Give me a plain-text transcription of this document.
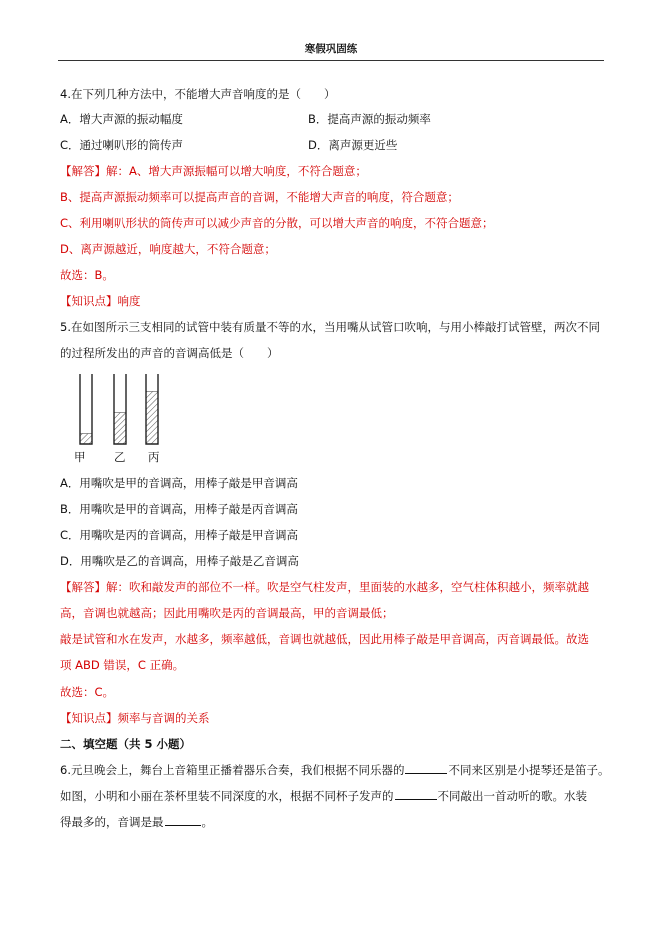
寒假巩固练
4.在下列几种方法中，不能增大声音响度的是（　　）
A．增大声源的振动幅度	B．提高声源的振动频率
C．通过喇叭形的筒传声	D．离声源更近些
【解答】解：A、增大声源振幅可以增大响度，不符合题意；
B、提高声源振动频率可以提高声音的音调，不能增大声音的响度，符合题意；
C、利用喇叭形状的筒传声可以减少声音的分散，可以增大声音的响度，不符合题意；
D、离声源越近，响度越大，不符合题意；
故选：B。
【知识点】响度
5.在如图所示三支相同的试管中装有质量不等的水，当用嘴从试管口吹响，与用小棒敲打试管壁，两次不同
的过程所发出的声音的音调高低是（　　）
甲 乙 丙
A．用嘴吹是甲的音调高，用棒子敲是甲音调高
B．用嘴吹是甲的音调高，用棒子敲是丙音调高
C．用嘴吹是丙的音调高，用棒子敲是甲音调高
D．用嘴吹是乙的音调高，用棒子敲是乙音调高
【解答】解：吹和敲发声的部位不一样。吹是空气柱发声，里面装的水越多，空气柱体积越小，频率就越
高，音调也就越高；因此用嘴吹是丙的音调最高，甲的音调最低；
敲是试管和水在发声，水越多，频率越低，音调也就越低，因此用棒子敲是甲音调高，丙音调最低。故选
项 ABD 错误，C 正确。
故选：C。
【知识点】频率与音调的关系
二、填空题（共 5 小题）
6.元旦晚会上，舞台上音箱里正播着器乐合奏，我们根据不同乐器的	不同来区别是小提琴还是笛子。
如图，小明和小丽在茶杯里装不同深度的水，根据不同杯子发声的	不同敲出一首动听的歌。水装
得最多的，音调是最	。
